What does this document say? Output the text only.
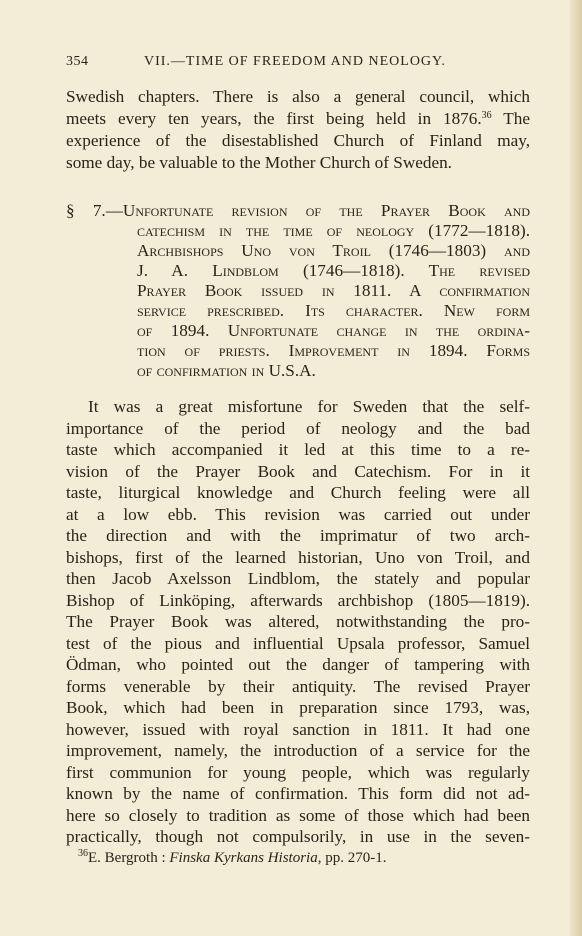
354	VII.—TIME OF FREEDOM AND NEOLOGY.
Swedish chapters. There is also a general council, which
meets every ten years, the first being held in 1876.36 The
experience of the disestablished Church of Finland may,
some day, be valuable to the Mother Church of Sweden.
§ 7.—Unfortunate revision of the Prayer Book and
catechism in the time of neology (1772—1818).
Archbishops Uno von Troil (1746—1803) and
J. A. Lindblom (1746—1818). The revised
Prayer Book issued in 1811. A confirmation
service prescribed. Its character. New form
of 1894. Unfortunate change in the ordina-
tion of priests. Improvement in 1894. Forms
of confirmation in U.S.A.
It was a great misfortune for Sweden that the self-
importance of the period of neology and the bad
taste which accompanied it led at this time to a re-
vision of the Prayer Book and Catechism. For in it
taste, liturgical knowledge and Church feeling were all
at a low ebb. This revision was carried out under
the direction and with the imprimatur of two arch-
bishops, first of the learned historian, Uno von Troil, and
then Jacob Axelsson Lindblom, the stately and popular
Bishop of Linköping, afterwards archbishop (1805—1819).
The Prayer Book was altered, notwithstanding the pro-
test of the pious and influential Upsala professor, Samuel
Ödman, who pointed out the danger of tampering with
forms venerable by their antiquity. The revised Prayer
Book, which had been in preparation since 1793, was,
however, issued with royal sanction in 1811. It had one
improvement, namely, the introduction of a service for the
first communion for young people, which was regularly
known by the name of confirmation. This form did not ad-
here so closely to tradition as some of those which had been
practically, though not compulsorily, in use in the seven-
$^{36}$E. Bergroth : Finska Kyrkans Historia, pp. 270-1.
